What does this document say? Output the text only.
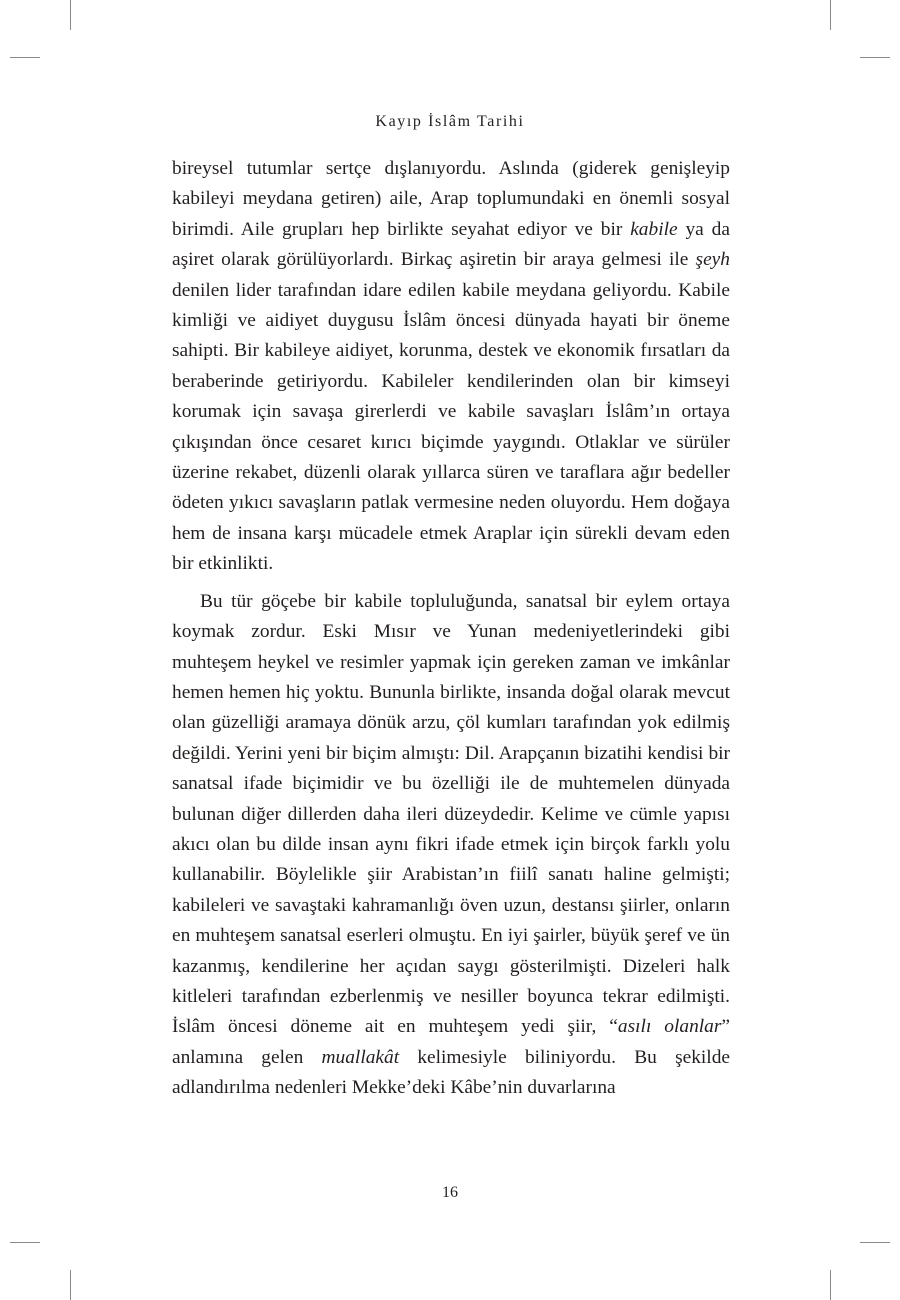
Kayıp İslâm Tarihi

bireysel tutumlar sertçe dışlanıyordu. Aslında (giderek genişleyip kabileyi meydana getiren) aile, Arap toplumundaki en önemli sosyal birimdi. Aile grupları hep birlikte seyahat ediyor ve bir kabile ya da aşiret olarak görülüyorlardı. Birkaç aşiretin bir araya gelmesi ile şeyh denilen lider tarafından idare edilen kabile meydana geliyordu. Kabile kimliği ve aidiyet duygusu İslâm öncesi dünyada hayati bir öneme sahipti. Bir kabileye aidiyet, korunma, destek ve ekonomik fırsatları da beraberinde getiriyordu. Kabileler kendilerinden olan bir kimseyi korumak için savaşa girerlerdi ve kabile savaşları İslâm’ın ortaya çıkışından önce cesaret kırıcı biçimde yaygındı. Otlaklar ve sürüler üzerine rekabet, düzenli olarak yıllarca süren ve taraflara ağır bedeller ödeten yıkıcı savaşların patlak vermesine neden oluyordu. Hem doğaya hem de insana karşı mücadele etmek Araplar için sürekli devam eden bir etkinlikti.

Bu tür göçebe bir kabile topluluğunda, sanatsal bir eylem ortaya koymak zordur. Eski Mısır ve Yunan medeniyetlerindeki gibi muhteşem heykel ve resimler yapmak için gereken zaman ve imkânlar hemen hemen hiç yoktu. Bununla birlikte, insanda doğal olarak mevcut olan güzelliği aramaya dönük arzu, çöl kumları tarafından yok edilmiş değildi. Yerini yeni bir biçim almıştı: Dil. Arapçanın bizatihi kendisi bir sanatsal ifade biçimidir ve bu özelliği ile de muhtemelen dünyada bulunan diğer dillerden daha ileri düzeydedir. Kelime ve cümle yapısı akıcı olan bu dilde insan aynı fikri ifade etmek için birçok farklı yolu kullanabilir. Böylelikle şiir Arabistan’ın fiilî sanatı haline gelmişti; kabileleri ve savaştaki kahramanlığı öven uzun, destansı şiirler, onların en muhteşem sanatsal eserleri olmuştu. En iyi şairler, büyük şeref ve ün kazanmış, kendilerine her açıdan saygı gösterilmişti. Dizeleri halk kitleleri tarafından ezberlenmiş ve nesiller boyunca tekrar edilmişti. İslâm öncesi döneme ait en muhteşem yedi şiir, “asılı olanlar” anlamına gelen muallakât kelimesiyle biliniyordu. Bu şekilde adlandırılma nedenleri Mekke’deki Kâbe’nin duvarlarına

16
